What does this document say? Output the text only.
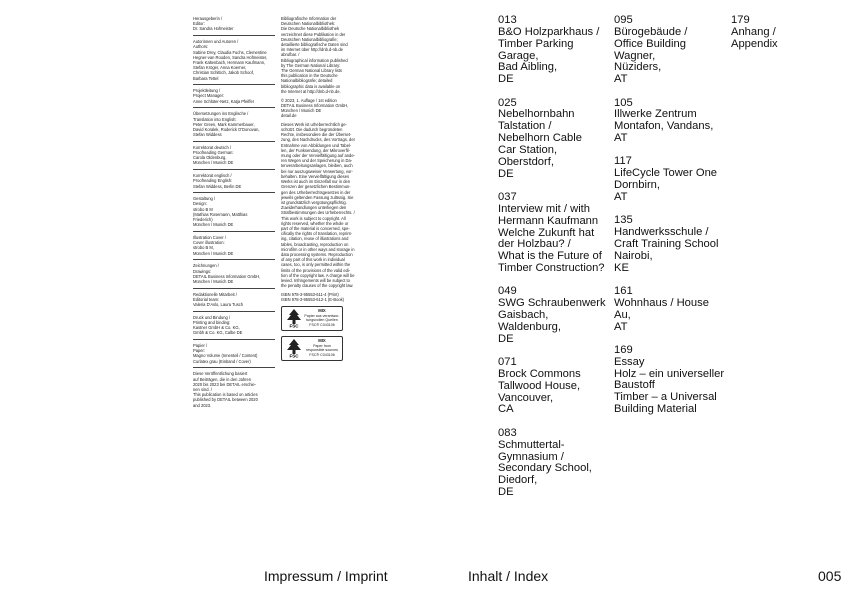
Herausgeberin /

Editor:

Dr. Sandra Hofmeister

Autorinnen und Autoren /

Authors:

Sabine Drey, Claudia Fuchs, Clementine

Hegner-van Rooden, Sandra Hofmeister,

Frank Kaltenbach, Hermann Kaufmann,

Stefan Kröger, Anna Koerner,

Christian Schittich, Jakob Schoof,

Barbara Tettel

Projektleitung /

Project Manager:

Anne Schlüter-Netz, Katja Pfeiffer

Übersetzungen ins Englische /

Translation into English:

Peter Green, Mark Kammerbauer,

David Koralek, Roderick O'Donovan,

Stefan Widdess

Korrektorat deutsch /

Proofreading German:

Carola Oldenburg,

München / Munich DE

Korrektorat englisch /

Proofreading English:

Stefan Widdess, Berlin DE

Gestaltung /

Design:

strobo B M

(Mathias Rosemann, Matthias

Friederich)

München / Munich DE

Illustration Cover /

Cover illustration:

strobo B M,

München / Munich DE

Zeichnungen /

Drawings:

DETAIL Business Information GmbH,

München / Munich DE

Redaktionelle Mitarbeit /

Editorial team:

Valeria D'Aslo, Laura Tusch

Druck und Bindung /

Printing and binding:

Kastner GmbH & Co. KG,

Gmbh & Co. KG, Calbe DE

Papier /

Paper:

Magno Volume (Innenteil / Content)

Curlatex grau (Einband / Cover)

Diese Veröffentlichung basiert

auf Beiträgen, die in den Jahren

2020 bis 2023 bei DETAIL erschie-

nen sind. /

This publication is based on articles

published by DETAIL between 2020

and 2023.

Bibliografische Information der

Deutschen Nationalbibliothek:

Die Deutsche Nationalbibliothek

verzeichnet diese Publikation in der

Deutschen Nationalbibliografie;

detaillierte bibliografische Daten sind

im Internet über http://dnb.d-nb.de

abrufbar. /

Bibliographical information published

by The German National Library:

The German National Library lists

this publication in the Deutsche

Nationalbibliografie; detailed

bibliographic data is available on

the Internet at http://dnb.d-nb.de.

© 2023, 1. Auflage / 1st edition

DETAIL Business Information GmbH,

München / Munich DE

detail.de

Dieses Werk ist urheberrechtlich ge-

schützt. Die dadurch begründeten

Rechte, insbesondere die der Überset-

zung, des Nachdrucks, des Vortrags, der

Entnahme von Abbildungen und Tabel-

len, der Funksendung, der Mikroverfil-

mung oder der Vervielfältigung auf ande-

ren Wegen und der Speicherung in Da-

tenverarbeitungsanlagen, bleiben, auch

bei nur auszugsweiser Verwertung, vor-

behalten. Eine Vervielfältigung dieses

Werks ist auch im Einzelfall nur in den

Grenzen der gesetzlichen Bestimmun-

gen des Urheberrechtsgesetzes in der

jeweils geltenden Fassung zulässig. Sie

ist grundsätzlich vergütungspflichtig.

Zuwiderhandlungen unterliegen den

Strafbestimmungen des Urheberrechts. /

This work is subject to copyright. All

rights reserved, whether the whole or

part of the material is concerned, spe-

cifically the rights of translation, reprint-

ing, citation, reuse of illustrations and

tables, broadcasting, reproduction on

microfilm or in other ways and storage in

data processing systems. Reproduction

of any part of this work in individual

cases, too, is only permitted within the

limits of the provisions of the valid edi-

tion of the copyright law. A charge will be

levied. Infringements will be subject to

the penalty clauses of the copyright law.

ISBN 978-3-95553-611-4 (Print)

ISBN 978-3-95553-612-1 (E-Book)

FSC
MIX
Papier aus verantwor-
tungsvollen Quellen
FSC® C043106
FSC
MIX
Paper from
responsible sources
FSC® C043106
013
B&O Holzparkhaus /
Timber Parking
Garage,
Bad Aibling,
DE
025
Nebelhornbahn
Talstation /
Nebelhorn Cable
Car Station,
Oberstdorf,
DE
037
Interview mit / with
Hermann Kaufmann
Welche Zukunft hat
der Holzbau? /
What is the Future of
Timber Construction?
049
SWG Schraubenwerk
Gaisbach,
Waldenburg,
DE
071
Brock Commons
Tallwood House,
Vancouver,
CA
083
Schmuttertal-
Gymnasium /
Secondary School,
Diedorf,
DE
095
Bürogebäude /
Office Building
Wagner,
Nüziders,
AT
105
Illwerke Zentrum
Montafon, Vandans,
AT
117
LifeCycle Tower One
Dornbirn,
AT
135
Handwerksschule /
Craft Training School
Nairobi,
KE
161
Wohnhaus / House
Au,
AT
169
Essay
Holz – ein universeller
Baustoff
Timber – a Universal
Building Material
179
Anhang /
Appendix
Impressum / Imprint	Inhalt / Index	005
